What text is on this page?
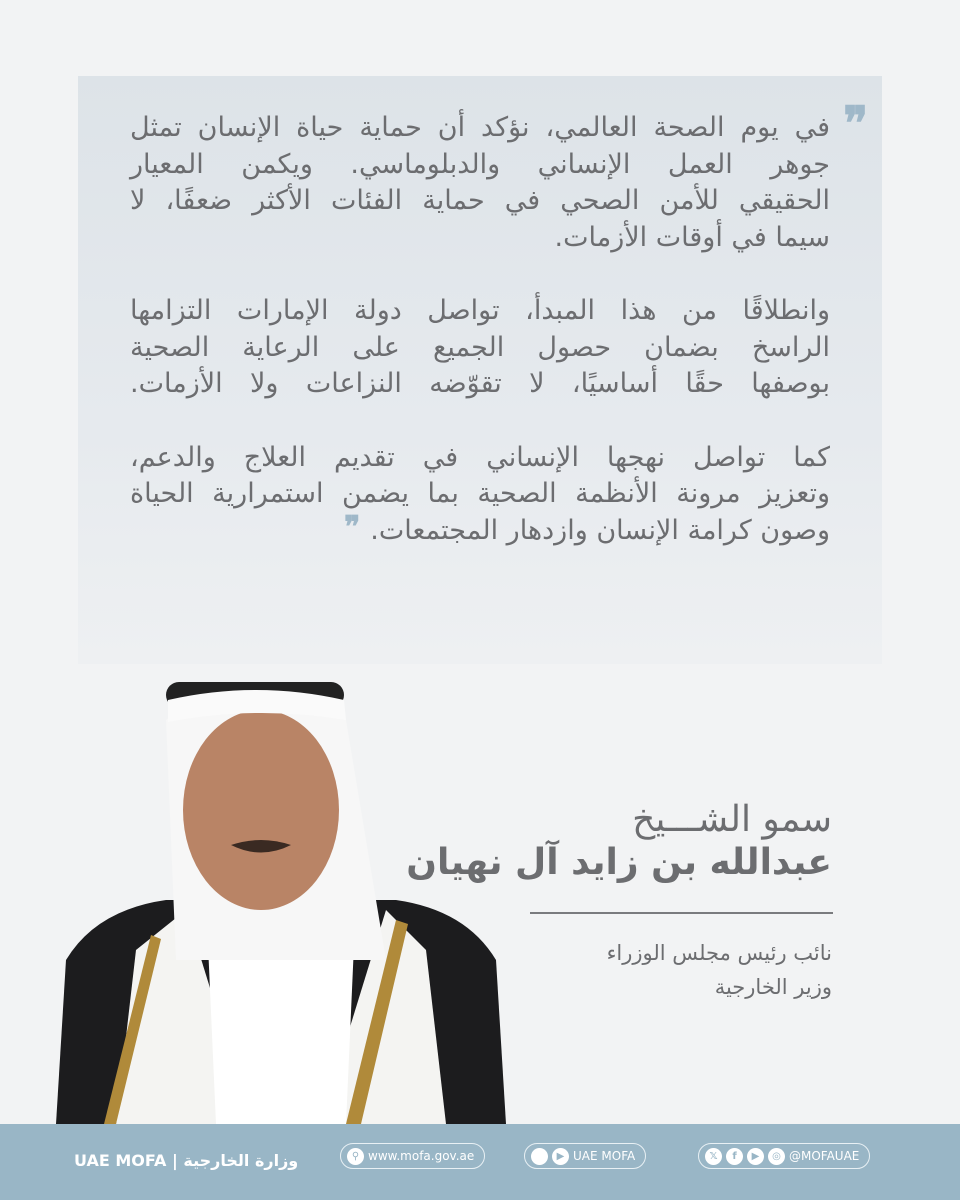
❞
في يوم الصحة العالمي، نؤكد أن حماية حياة الإنسان تمثل
جوهر العمل الإنساني والدبلوماسي. ويكمن المعيار
الحقيقي للأمن الصحي في حماية الفئات الأكثر ضعفًا، لا
سيما في أوقات الأزمات.
وانطلاقًا من هذا المبدأ، تواصل دولة الإمارات التزامها
الراسخ بضمان حصول الجميع على الرعاية الصحية
بوصفها حقًا أساسيًا، لا تقوّضه النزاعات ولا الأزمات.
كما تواصل نهجها الإنساني في تقديم العلاج والدعم،
وتعزيز مرونة الأنظمة الصحية بما يضمن استمرارية الحياة
وصون كرامة الإنسان وازدهار المجتمعات.❞
سمو الشـــيخ
عبدالله بن زايد آل نهيان
نائب رئيس مجلس الوزراء
وزير الخارجية
UAE MOFA | وزارة الخارجية	⚲ www.mofa.gov.ae	▶ UAE MOFA	𝕏	f	▶	◎ @MOFAUAE
